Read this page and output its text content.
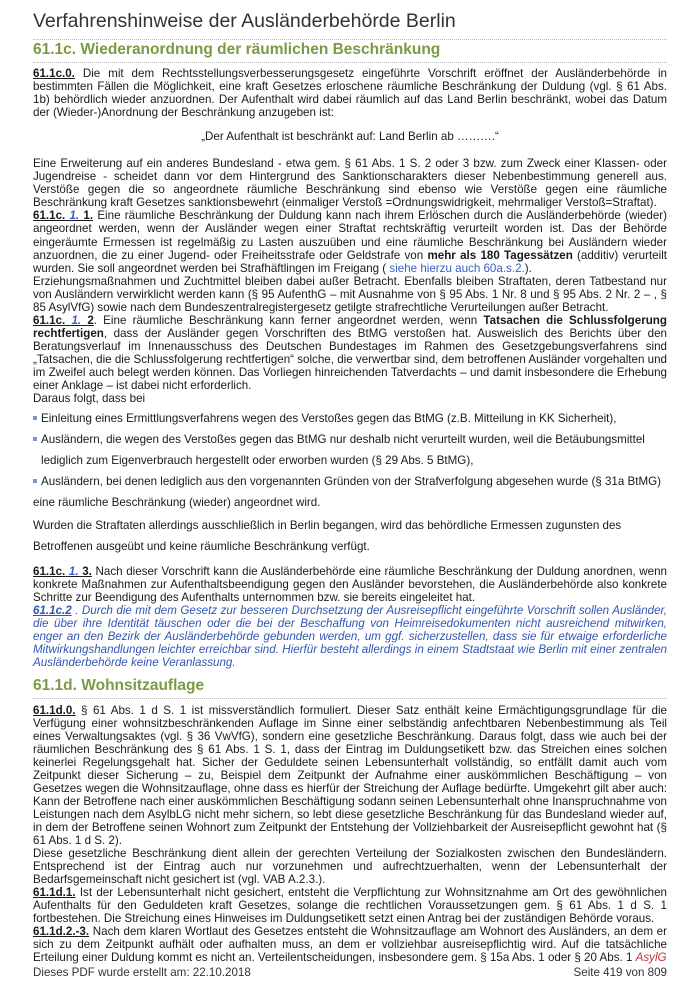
Verfahrenshinweise der Ausländerbehörde Berlin
61.1c. Wiederanordnung der räumlichen Beschränkung

61.1c.0. Die mit dem Rechtsstellungsverbesserungsgesetz eingeführte Vorschrift eröffnet der Ausländerbehörde in bestimmten Fällen die Möglichkeit, eine kraft Gesetzes erloschene räumliche Beschränkung der Duldung (vgl. § 61 Abs. 1b) behördlich wieder anzuordnen. Der Aufenthalt wird dabei räumlich auf das Land Berlin beschränkt, wobei das Datum der (Wieder-)Anordnung der Beschränkung anzugeben ist:

„Der Aufenthalt ist beschränkt auf: Land Berlin ab ……….“

Eine Erweiterung auf ein anderes Bundesland - etwa gem. § 61 Abs. 1 S. 2 oder 3 bzw. zum Zweck einer Klassen- oder Jugendreise - scheidet dann vor dem Hintergrund des Sanktionscharakters dieser Nebenbestimmung generell aus. Verstöße gegen die so angeordnete räumliche Beschränkung sind ebenso wie Verstöße gegen eine räumliche Beschränkung kraft Gesetzes sanktionsbewehrt (einmaliger Verstoß =Ordnungswidrigkeit, mehrmaliger Verstoß=Straftat).

61.1c. 1. 1. Eine räumliche Beschränkung der Duldung kann nach ihrem Erlöschen durch die Ausländerbehörde (wieder) angeordnet werden, wenn der Ausländer wegen einer Straftat rechtskräftig verurteilt worden ist. Das der Behörde eingeräumte Ermessen ist regelmäßig zu Lasten auszuüben und eine räumliche Beschränkung bei Ausländern wieder anzuordnen, die zu einer Jugend- oder Freiheitsstrafe oder Geldstrafe von mehr als 180 Tagessätzen (additiv) verurteilt wurden. Sie soll angeordnet werden bei Strafhäftlingen im Freigang ( siehe hierzu auch 60a.s.2.).

Erziehungsmaßnahmen und Zuchtmittel bleiben dabei außer Betracht. Ebenfalls bleiben Straftaten, deren Tatbestand nur von Ausländern verwirklicht werden kann (§ 95 AufenthG – mit Ausnahme von § 95 Abs. 1 Nr. 8 und § 95 Abs. 2 Nr. 2 – , § 85 AsylVfG) sowie nach dem Bundeszentralregistergesetz getilgte strafrechtliche Verurteilungen außer Betracht.

61.1c. 1. 2. Eine räumliche Beschränkung kann ferner angeordnet werden, wenn Tatsachen die Schlussfolgerung rechtfertigen, dass der Ausländer gegen Vorschriften des BtMG verstoßen hat. Ausweislich des Berichts über den Beratungsverlauf im Innenausschuss des Deutschen Bundestages im Rahmen des Gesetzgebungsverfahrens sind „Tatsachen, die die Schlussfolgerung rechtfertigen“ solche, die verwertbar sind, dem betroffenen Ausländer vorgehalten und im Zweifel auch belegt werden können. Das Vorliegen hinreichenden Tatverdachts – und damit insbesondere die Erhebung einer Anklage – ist dabei nicht erforderlich.

Daraus folgt, dass bei

Einleitung eines Ermittlungsverfahrens wegen des Verstoßes gegen das BtMG (z.B. Mitteilung in KK Sicherheit),
Ausländern, die wegen des Verstoßes gegen das BtMG nur deshalb nicht verurteilt wurden, weil die Betäubungsmittel lediglich zum Eigenverbrauch hergestellt oder erworben wurden (§ 29 Abs. 5 BtMG),
Ausländern, bei denen lediglich aus den vorgenannten Gründen von der Strafverfolgung abgesehen wurde (§ 31a BtMG)

eine räumliche Beschränkung (wieder) angeordnet wird.

Wurden die Straftaten allerdings ausschließlich in Berlin begangen, wird das behördliche Ermessen zugunsten des Betroffenen ausgeübt und keine räumliche Beschränkung verfügt.

61.1c. 1. 3. Nach dieser Vorschrift kann die Ausländerbehörde eine räumliche Beschränkung der Duldung anordnen, wenn konkrete Maßnahmen zur Aufenthaltsbeendigung gegen den Ausländer bevorstehen, die Ausländerbehörde also konkrete Schritte zur Beendigung des Aufenthalts unternommen bzw. sie bereits eingeleitet hat.

61.1c.2 . Durch die mit dem Gesetz zur besseren Durchsetzung der Ausreisepflicht eingeführte Vorschrift sollen Ausländer, die über ihre Identität täuschen oder die bei der Beschaffung von Heimreisedokumenten nicht ausreichend mitwirken, enger an den Bezirk der Ausländerbehörde gebunden werden, um ggf. sicherzustellen, dass sie für etwaige erforderliche Mitwirkungshandlungen leichter erreichbar sind. Hierfür besteht allerdings in einem Stadtstaat wie Berlin mit einer zentralen Ausländerbehörde keine Veranlassung.

61.1d. Wohnsitzauflage

61.1d.0. § 61 Abs. 1 d S. 1 ist missverständlich formuliert. Dieser Satz enthält keine Ermächtigungsgrundlage für die Verfügung einer wohnsitzbeschränkenden Auflage im Sinne einer selbständig anfechtbaren Nebenbestimmung als Teil eines Verwaltungsaktes (vgl. § 36 VwVfG), sondern eine gesetzliche Beschränkung. Daraus folgt, dass wie auch bei der räumlichen Beschränkung des § 61 Abs. 1 S. 1, dass der Eintrag im Duldungsetikett bzw. das Streichen eines solchen keinerlei Regelungsgehalt hat. Sicher der Geduldete seinen Lebensunterhalt vollständig, so entfällt damit auch vom Zeitpunkt dieser Sicherung – zu, Beispiel dem Zeitpunkt der Aufnahme einer auskömmlichen Beschäftigung – von Gesetzes wegen die Wohnsitzauflage, ohne dass es hierfür der Streichung der Auflage bedürfte. Umgekehrt gilt aber auch: Kann der Betroffene nach einer auskömmlichen Beschäftigung sodann seinen Lebensunterhalt ohne Inanspruchnahme von Leistungen nach dem AsylbLG nicht mehr sichern, so lebt diese gesetzliche Beschränkung für das Bundesland wieder auf, in dem der Betroffene seinen Wohnort zum Zeitpunkt der Entstehung der Vollziehbarkeit der Ausreisepflicht gewohnt hat (§ 61 Abs. 1 d S. 2).

Diese gesetzliche Beschränkung dient allein der gerechten Verteilung der Sozialkosten zwischen den Bundesländern. Entsprechend ist der Eintrag auch nur vorzunehmen und aufrechtzuerhalten, wenn der Lebensunterhalt der Bedarfsgemeinschaft nicht gesichert ist (vgl. VAB A.2.3.).

61.1d.1. Ist der Lebensunterhalt nicht gesichert, entsteht die Verpflichtung zur Wohnsitznahme am Ort des gewöhnlichen Aufenthalts für den Geduldeten kraft Gesetzes, solange die rechtlichen Voraussetzungen gem. § 61 Abs. 1 d S. 1 fortbestehen. Die Streichung eines Hinweises im Duldungsetikett setzt einen Antrag bei der zuständigen Behörde voraus.

61.1d.2.-3. Nach dem klaren Wortlaut des Gesetzes entsteht die Wohnsitzauflage am Wohnort des Ausländers, an dem er sich zu dem Zeitpunkt aufhält oder aufhalten muss, an dem er vollziehbar ausreisepflichtig wird. Auf die tatsächliche Erteilung einer Duldung kommt es nicht an. Verteilentscheidungen, insbesondere gem. § 15a Abs. 1 oder § 20 Abs. 1 AsylG

Dieses PDF wurde erstellt am: 22.10.2018	Seite 419 von 809
